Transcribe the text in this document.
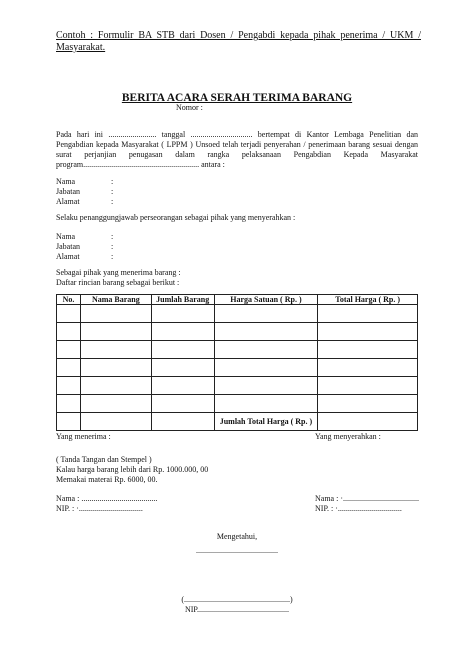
Contoh : Formulir BA STB dari Dosen / Pengabdi kepada pihak penerima / UKM /
Masyarakat.
BERITA ACARA SERAH TERIMA BARANG
Nomor :
Pada hari ini ........................ tanggal ............................... bertempat di Kantor Lembaga Penelitian dan
Pengabdian kepada Masyarakat ( LPPM ) Unsoed telah terjadi penyerahan / penerimaan barang sesuai dengan
surat perjanjian penugasan dalam rangka pelaksanaan Pengabdian Kepada Masyarakat
program.......................................................... antara :
Nama	:
Jabatan	:
Alamat	:
Selaku penanggungjawab perseorangan sebagai pihak yang menyerahkan :
Nama	:
Jabatan	:
Alamat	:
Sebagai pihak yang menerima barang :
Daftar rincian barang sebagai berikut :
No.	Nama Barang	Jumlah Barang	Harga Satuan ( Rp. )	Total Harga ( Rp. )

			Jumlah Total Harga ( Rp. )	
Yang menerima :	Yang menyerahkan :
( Tanda Tangan dan Stempel )
Kalau harga barang lebih dari Rp. 1000.000, 00
Memakai materai Rp. 6000, 00.
Nama : ......................................
NIP. : ·................................
Nama : ·......................................
NIP. : ·................................
Mengetahui,
.........................................
(.....................................................)
NIP..............................................
